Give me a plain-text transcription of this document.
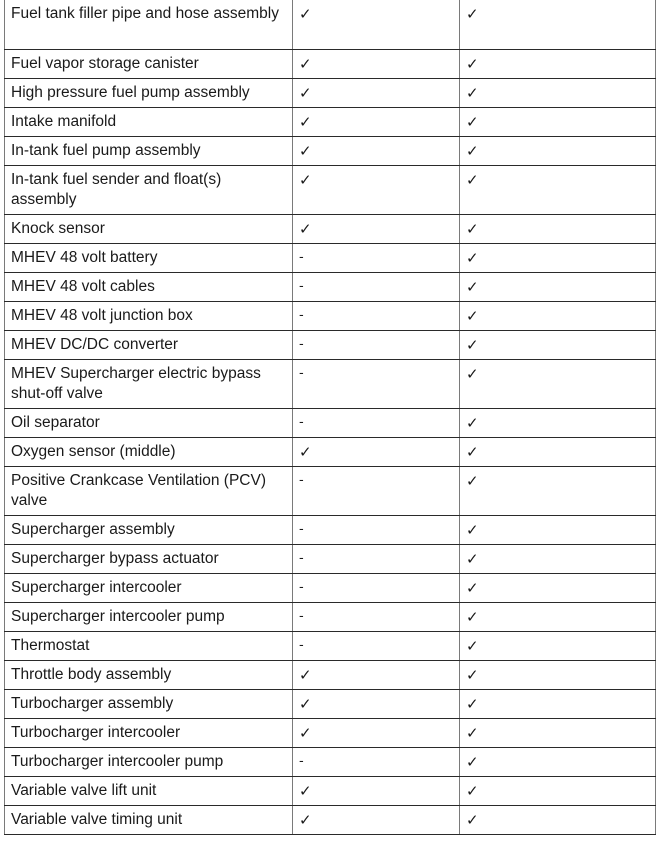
Fuel tank filler pipe and hose assembly	✓	✓
Fuel vapor storage canister	✓	✓
High pressure fuel pump assembly	✓	✓
Intake manifold	✓	✓
In-tank fuel pump assembly	✓	✓
In-tank fuel sender and float(s) assembly	✓	✓
Knock sensor	✓	✓
MHEV 48 volt battery	-	✓
MHEV 48 volt cables	-	✓
MHEV 48 volt junction box	-	✓
MHEV DC/DC converter	-	✓
MHEV Supercharger electric bypass shut-off valve	-	✓
Oil separator	-	✓
Oxygen sensor (middle)	✓	✓
Positive Crankcase Ventilation (PCV) valve	-	✓
Supercharger assembly	-	✓
Supercharger bypass actuator	-	✓
Supercharger intercooler	-	✓
Supercharger intercooler pump	-	✓
Thermostat	-	✓
Throttle body assembly	✓	✓
Turbocharger assembly	✓	✓
Turbocharger intercooler	✓	✓
Turbocharger intercooler pump	-	✓
Variable valve lift unit	✓	✓
Variable valve timing unit	✓	✓
